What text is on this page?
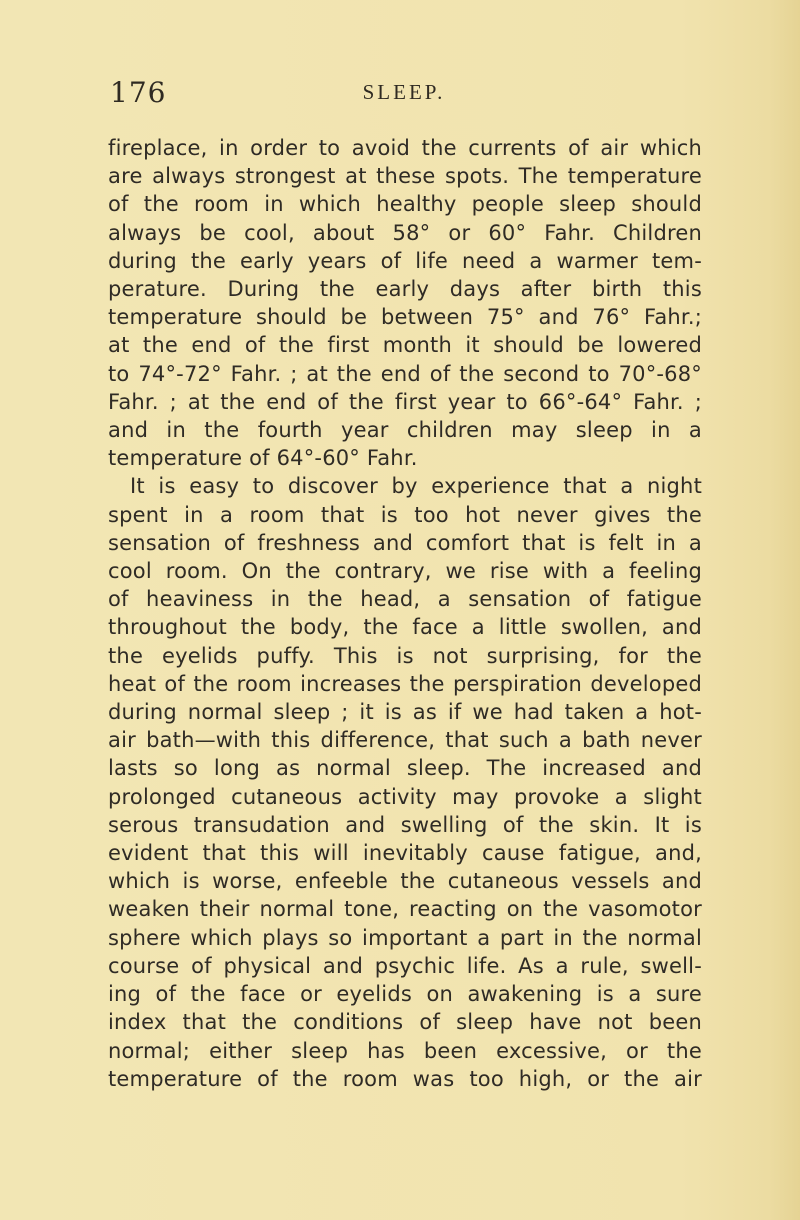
176	SLEEP.
fireplace, in order to avoid the currents of air which
are always strongest at these spots. The temperature
of the room in which healthy people sleep should
always be cool, about 58° or 60° Fahr. Children
during the early years of life need a warmer tem-
perature. During the early days after birth this
temperature should be between 75° and 76° Fahr.;
at the end of the first month it should be lowered
to 74°-72° Fahr. ; at the end of the second to 70°-68°
Fahr. ; at the end of the first year to 66°-64° Fahr. ;
and in the fourth year children may sleep in a
temperature of 64°-60° Fahr.
It is easy to discover by experience that a night
spent in a room that is too hot never gives the
sensation of freshness and comfort that is felt in a
cool room. On the contrary, we rise with a feeling
of heaviness in the head, a sensation of fatigue
throughout the body, the face a little swollen, and
the eyelids puffy. This is not surprising, for the
heat of the room increases the perspiration developed
during normal sleep ; it is as if we had taken a hot-
air bath—with this difference, that such a bath never
lasts so long as normal sleep. The increased and
prolonged cutaneous activity may provoke a slight
serous transudation and swelling of the skin. It is
evident that this will inevitably cause fatigue, and,
which is worse, enfeeble the cutaneous vessels and
weaken their normal tone, reacting on the vasomotor
sphere which plays so important a part in the normal
course of physical and psychic life. As a rule, swell-
ing of the face or eyelids on awakening is a sure
index that the conditions of sleep have not been
normal; either sleep has been excessive, or the
temperature of the room was too high, or the air
